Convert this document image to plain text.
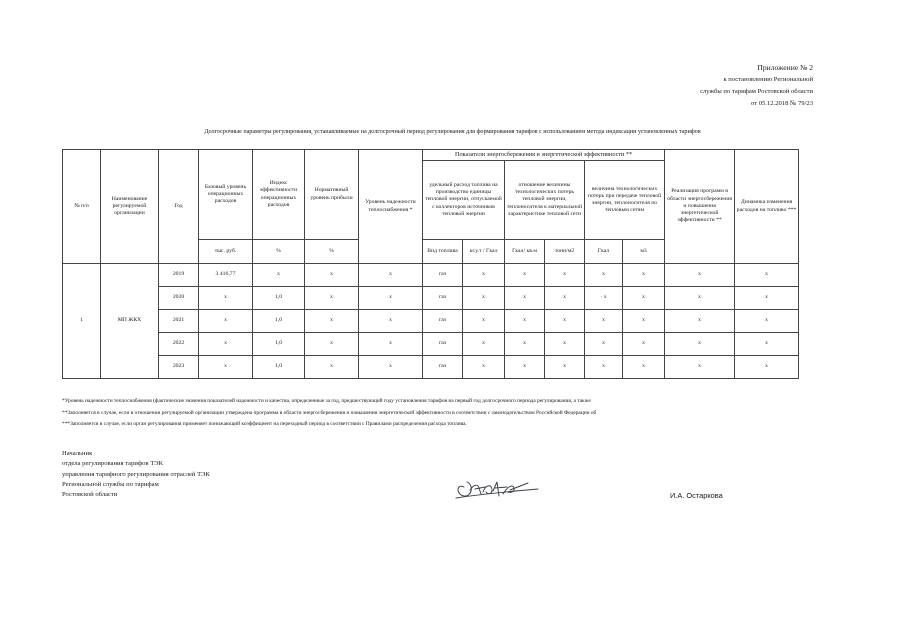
Приложение № 2
к постановлению Региональной
службы по тарифам Ростовской области
от 05.12.2018 № 79/23
Долгосрочные параметры регулирования, устанавливаемые на долгосрочный период регулирования для формирования тарифов с использованием метода индексации установленных тарифов
№ п/п	Наименование регулируемой организации	Год	Базовый уровень операционных расходов	Индекс эффективности операционных расходов	Нормативный уровень прибыли	Уровень надежности теплоснабжения *	Показатели энергосбережения и энергетической эффективности **						Реализация программ в области энергосбережения и повышения энергетической эффективности **	Динамика изменения расходов на топливо ***
							удельный расход топлива на производство единицы тепловой энергии, отпускаемой с коллекторов источников тепловой энергии		отношение величины технологических потерь тепловой энергии, теплоносителя к материальной характеристике тепловой сети		величина технологических потерь при передаче тепловой энергии, теплоносителя по тепловым сетям			
			тыс. руб.	%	%		Вид топлива	кг.у.т / Гкал	Гкал/ кв.м	тонн/м2	Гкал	м3		
1	МП ЖКХ	2019	3 416,77	х	х	х	газ	х	х	х	х	х	х	х
		2020	х	1,0	х	х	газ	х	х	х	· х	х	х	х
		2021	х	1,0	х	х	газ	х	х	х	х	х	х	х
		2022	х	1,0	х	х	газ	х	х	х	х	х	х	х
		2023	х	1,0	х	х	газ	х	х	х	х	х	х	х
*Уровень надежности теплоснабжения (фактические значения показателей надежности и качества, определенные за год, предшествующий году установления тарифов на первый год долгосрочного периода регулирования, а также
**Заполняется в случае, если в отношении регулируемой организации утверждена программа в области энергосбережения и повышения энергетической эффективности в соответствии с законодательством Российской Федерации об
***Заполняется в случае, если орган регулирования применяет понижающий коэффициент на переходный период в соответствии с Правилами распределения расхода топлива.
Начальник
отдела регулирования тарифов ТЭК
управления тарифного регулирования отраслей ТЭК
Региональной службы по тарифам
Ростовской области	И.А. Остаркова
